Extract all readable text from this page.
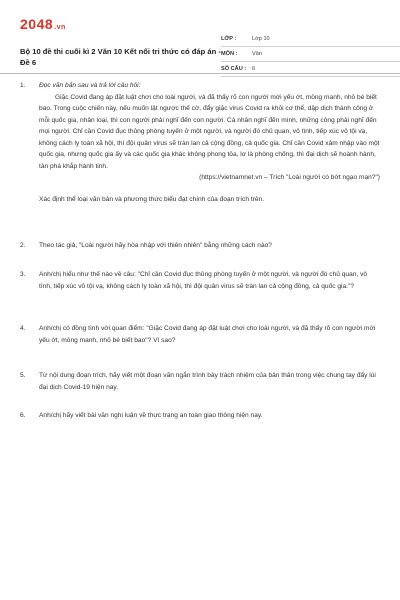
2048.vn
Bộ 10 đề thi cuối kì 2 Văn 10 Kết nối tri thức có đáp án - Đề 6
LỚP :	Lớp 10
MÔN :	Văn
SỐ CÂU :	6
1.	Đọc văn bản sau và trả lời câu hỏi:
Giặc Covid đang áp đặt luật chơi cho loài người, và đã thấy rõ con người mới yếu ớt, mỏng manh, nhỏ bé biết bao. Trong cuộc chiến này, nếu muốn lật ngược thế cờ, đẩy giặc virus Covid ra khỏi cơ thể, dập dịch thành công ở mỗi quốc gia, nhân loại, thì con người phải nghĩ đến con người. Cá nhân nghĩ đến mình, những công phải nghĩ đến mọi người. Chỉ cần Covid đục thủng phòng tuyến ở một người, và người đó chủ quan, vô tình, tiếp xúc vô tội vạ, không cách ly toàn xã hội, thì đội quân virus sẽ tràn lan cả cộng đồng, cả quốc gia. Chỉ cần Covid xâm nhập vào một quốc gia, nhưng quốc gia ấy và các quốc gia khác không phong tỏa, lơ là phòng chống, thì đại dịch sẽ hoành hành, tàn phá khắp hành tinh.
(https://vietnamnet.vn – Trích "Loài người có bớt ngạo mạn?")
Xác định thể loại văn bản và phương thức biểu đạt chính của đoạn trích trên.
2.	Theo tác giả, "Loài người hãy hòa nhập với thiên nhiên" bằng những cách nào?
3.	Anh/chị hiểu như thế nào về câu: "Chỉ cần Covid đục thủng phòng tuyến ở một người, và người đó chủ quan, vô tình, tiếp xúc vô tội vạ, không cách ly toàn xã hội, thì đội quân virus sẽ tràn lan cả cộng đồng, cả quốc gia."?
4.	Anh/chị có đồng tình với quan điểm: "Giặc Covid đang áp đặt luật chơi cho loài người, và đã thấy rõ con người mới yếu ớt, mỏng manh, nhỏ bé biết bao"? Vì sao?
5.	Từ nội dung đoạn trích, hãy viết một đoạn văn ngắn trình bày trách nhiệm của bản thân trong việc chung tay đẩy lùi đại dịch Covid-19 hiện nay.
6.	Anh/chị hãy viết bài văn nghị luận về thực trạng an toàn giao thông hiện nay.
